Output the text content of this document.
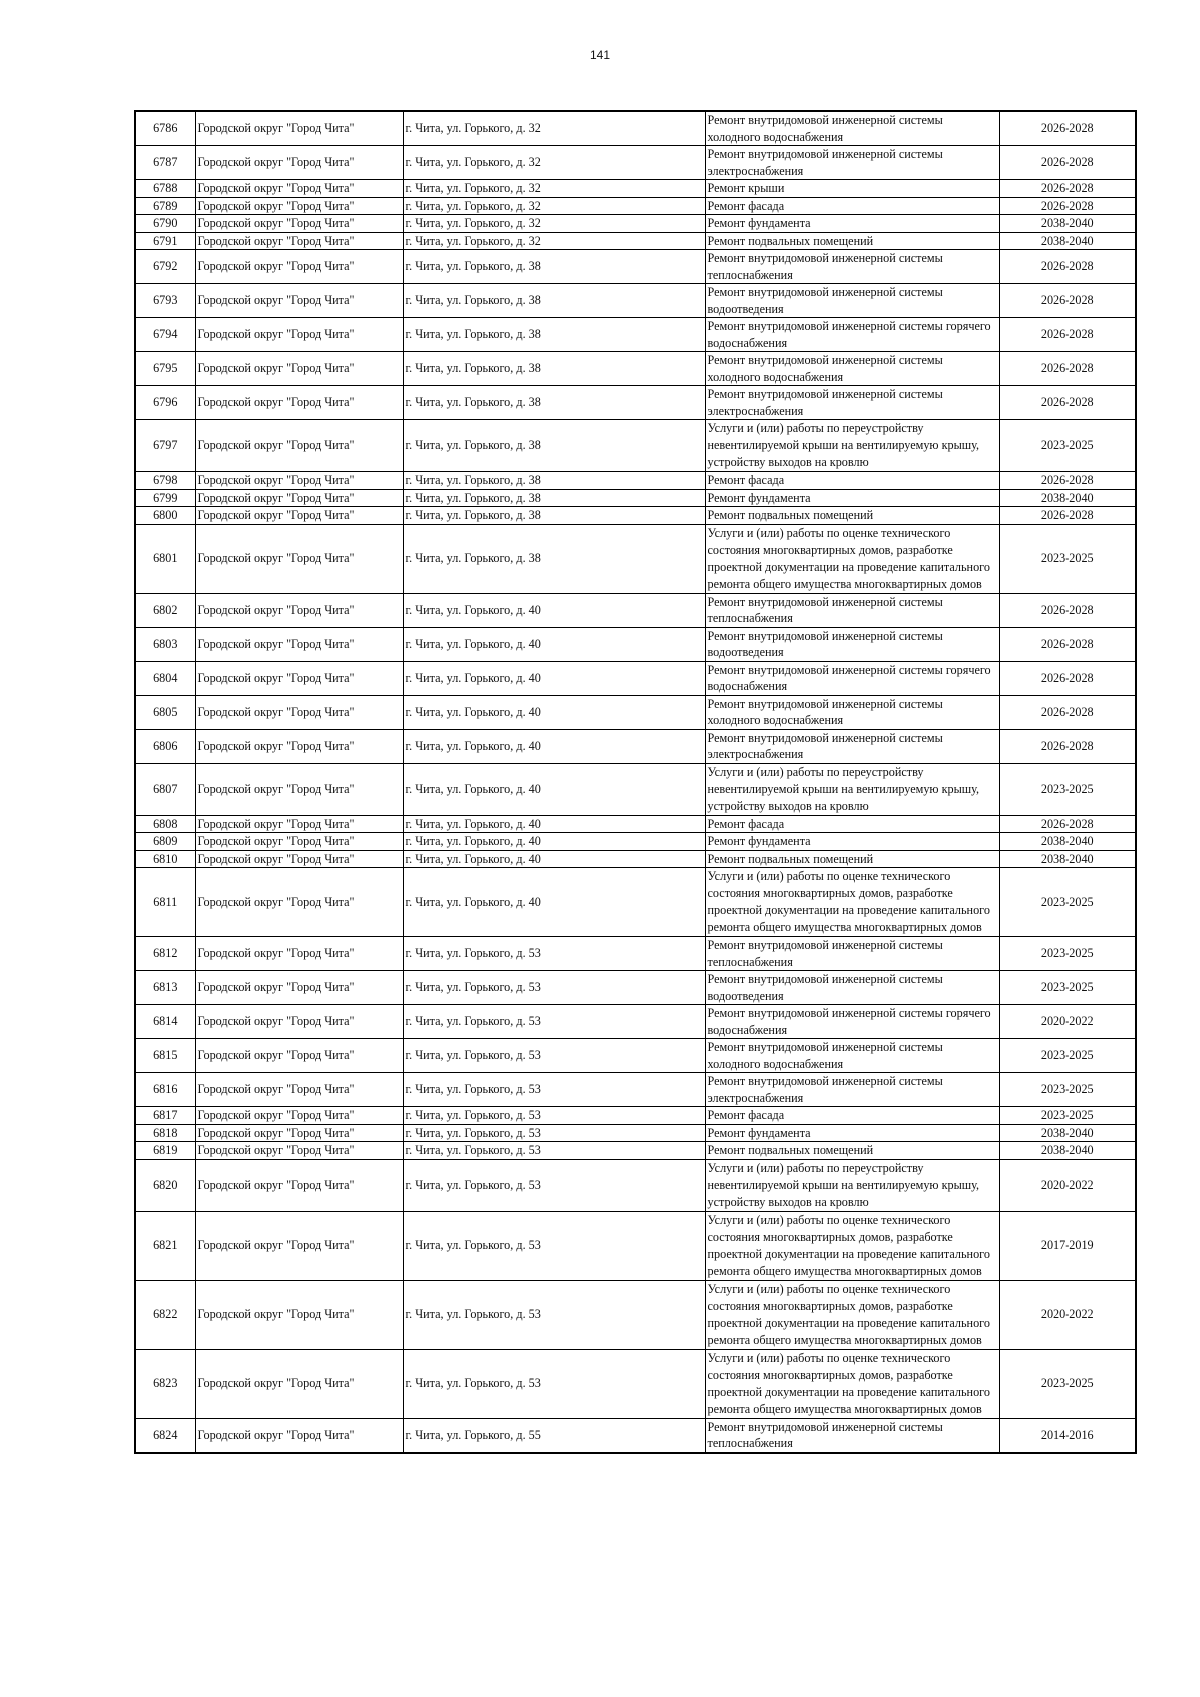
141
6786	Городской округ "Город Чита"	г. Чита, ул. Горького, д. 32	Ремонт внутридомовой инженерной системы холодного водоснабжения	2026-2028
6787	Городской округ "Город Чита"	г. Чита, ул. Горького, д. 32	Ремонт внутридомовой инженерной системы электроснабжения	2026-2028
6788	Городской округ "Город Чита"	г. Чита, ул. Горького, д. 32	Ремонт крыши	2026-2028
6789	Городской округ "Город Чита"	г. Чита, ул. Горького, д. 32	Ремонт фасада	2026-2028
6790	Городской округ "Город Чита"	г. Чита, ул. Горького, д. 32	Ремонт фундамента	2038-2040
6791	Городской округ "Город Чита"	г. Чита, ул. Горького, д. 32	Ремонт подвальных помещений	2038-2040
6792	Городской округ "Город Чита"	г. Чита, ул. Горького, д. 38	Ремонт внутридомовой инженерной системы теплоснабжения	2026-2028
6793	Городской округ "Город Чита"	г. Чита, ул. Горького, д. 38	Ремонт внутридомовой инженерной системы водоотведения	2026-2028
6794	Городской округ "Город Чита"	г. Чита, ул. Горького, д. 38	Ремонт внутридомовой инженерной системы горячего водоснабжения	2026-2028
6795	Городской округ "Город Чита"	г. Чита, ул. Горького, д. 38	Ремонт внутридомовой инженерной системы холодного водоснабжения	2026-2028
6796	Городской округ "Город Чита"	г. Чита, ул. Горького, д. 38	Ремонт внутридомовой инженерной системы электроснабжения	2026-2028
6797	Городской округ "Город Чита"	г. Чита, ул. Горького, д. 38	Услуги и (или) работы по переустройству невентилируемой крыши на вентилируемую крышу, устройству выходов на кровлю	2023-2025
6798	Городской округ "Город Чита"	г. Чита, ул. Горького, д. 38	Ремонт фасада	2026-2028
6799	Городской округ "Город Чита"	г. Чита, ул. Горького, д. 38	Ремонт фундамента	2038-2040
6800	Городской округ "Город Чита"	г. Чита, ул. Горького, д. 38	Ремонт подвальных помещений	2026-2028
6801	Городской округ "Город Чита"	г. Чита, ул. Горького, д. 38	Услуги и (или) работы по оценке технического состояния многоквартирных домов, разработке проектной документации на проведение капитального ремонта общего имущества многоквартирных домов	2023-2025
6802	Городской округ "Город Чита"	г. Чита, ул. Горького, д. 40	Ремонт внутридомовой инженерной системы теплоснабжения	2026-2028
6803	Городской округ "Город Чита"	г. Чита, ул. Горького, д. 40	Ремонт внутридомовой инженерной системы водоотведения	2026-2028
6804	Городской округ "Город Чита"	г. Чита, ул. Горького, д. 40	Ремонт внутридомовой инженерной системы горячего водоснабжения	2026-2028
6805	Городской округ "Город Чита"	г. Чита, ул. Горького, д. 40	Ремонт внутридомовой инженерной системы холодного водоснабжения	2026-2028
6806	Городской округ "Город Чита"	г. Чита, ул. Горького, д. 40	Ремонт внутридомовой инженерной системы электроснабжения	2026-2028
6807	Городской округ "Город Чита"	г. Чита, ул. Горького, д. 40	Услуги и (или) работы по переустройству невентилируемой крыши на вентилируемую крышу, устройству выходов на кровлю	2023-2025
6808	Городской округ "Город Чита"	г. Чита, ул. Горького, д. 40	Ремонт фасада	2026-2028
6809	Городской округ "Город Чита"	г. Чита, ул. Горького, д. 40	Ремонт фундамента	2038-2040
6810	Городской округ "Город Чита"	г. Чита, ул. Горького, д. 40	Ремонт подвальных помещений	2038-2040
6811	Городской округ "Город Чита"	г. Чита, ул. Горького, д. 40	Услуги и (или) работы по оценке технического состояния многоквартирных домов, разработке проектной документации на проведение капитального ремонта общего имущества многоквартирных домов	2023-2025
6812	Городской округ "Город Чита"	г. Чита, ул. Горького, д. 53	Ремонт внутридомовой инженерной системы теплоснабжения	2023-2025
6813	Городской округ "Город Чита"	г. Чита, ул. Горького, д. 53	Ремонт внутридомовой инженерной системы водоотведения	2023-2025
6814	Городской округ "Город Чита"	г. Чита, ул. Горького, д. 53	Ремонт внутридомовой инженерной системы горячего водоснабжения	2020-2022
6815	Городской округ "Город Чита"	г. Чита, ул. Горького, д. 53	Ремонт внутридомовой инженерной системы холодного водоснабжения	2023-2025
6816	Городской округ "Город Чита"	г. Чита, ул. Горького, д. 53	Ремонт внутридомовой инженерной системы электроснабжения	2023-2025
6817	Городской округ "Город Чита"	г. Чита, ул. Горького, д. 53	Ремонт фасада	2023-2025
6818	Городской округ "Город Чита"	г. Чита, ул. Горького, д. 53	Ремонт фундамента	2038-2040
6819	Городской округ "Город Чита"	г. Чита, ул. Горького, д. 53	Ремонт подвальных помещений	2038-2040
6820	Городской округ "Город Чита"	г. Чита, ул. Горького, д. 53	Услуги и (или) работы по переустройству невентилируемой крыши на вентилируемую крышу, устройству выходов на кровлю	2020-2022
6821	Городской округ "Город Чита"	г. Чита, ул. Горького, д. 53	Услуги и (или) работы по оценке технического состояния многоквартирных домов, разработке проектной документации на проведение капитального ремонта общего имущества многоквартирных домов	2017-2019
6822	Городской округ "Город Чита"	г. Чита, ул. Горького, д. 53	Услуги и (или) работы по оценке технического состояния многоквартирных домов, разработке проектной документации на проведение капитального ремонта общего имущества многоквартирных домов	2020-2022
6823	Городской округ "Город Чита"	г. Чита, ул. Горького, д. 53	Услуги и (или) работы по оценке технического состояния многоквартирных домов, разработке проектной документации на проведение капитального ремонта общего имущества многоквартирных домов	2023-2025
6824	Городской округ "Город Чита"	г. Чита, ул. Горького, д. 55	Ремонт внутридомовой инженерной системы теплоснабжения	2014-2016
